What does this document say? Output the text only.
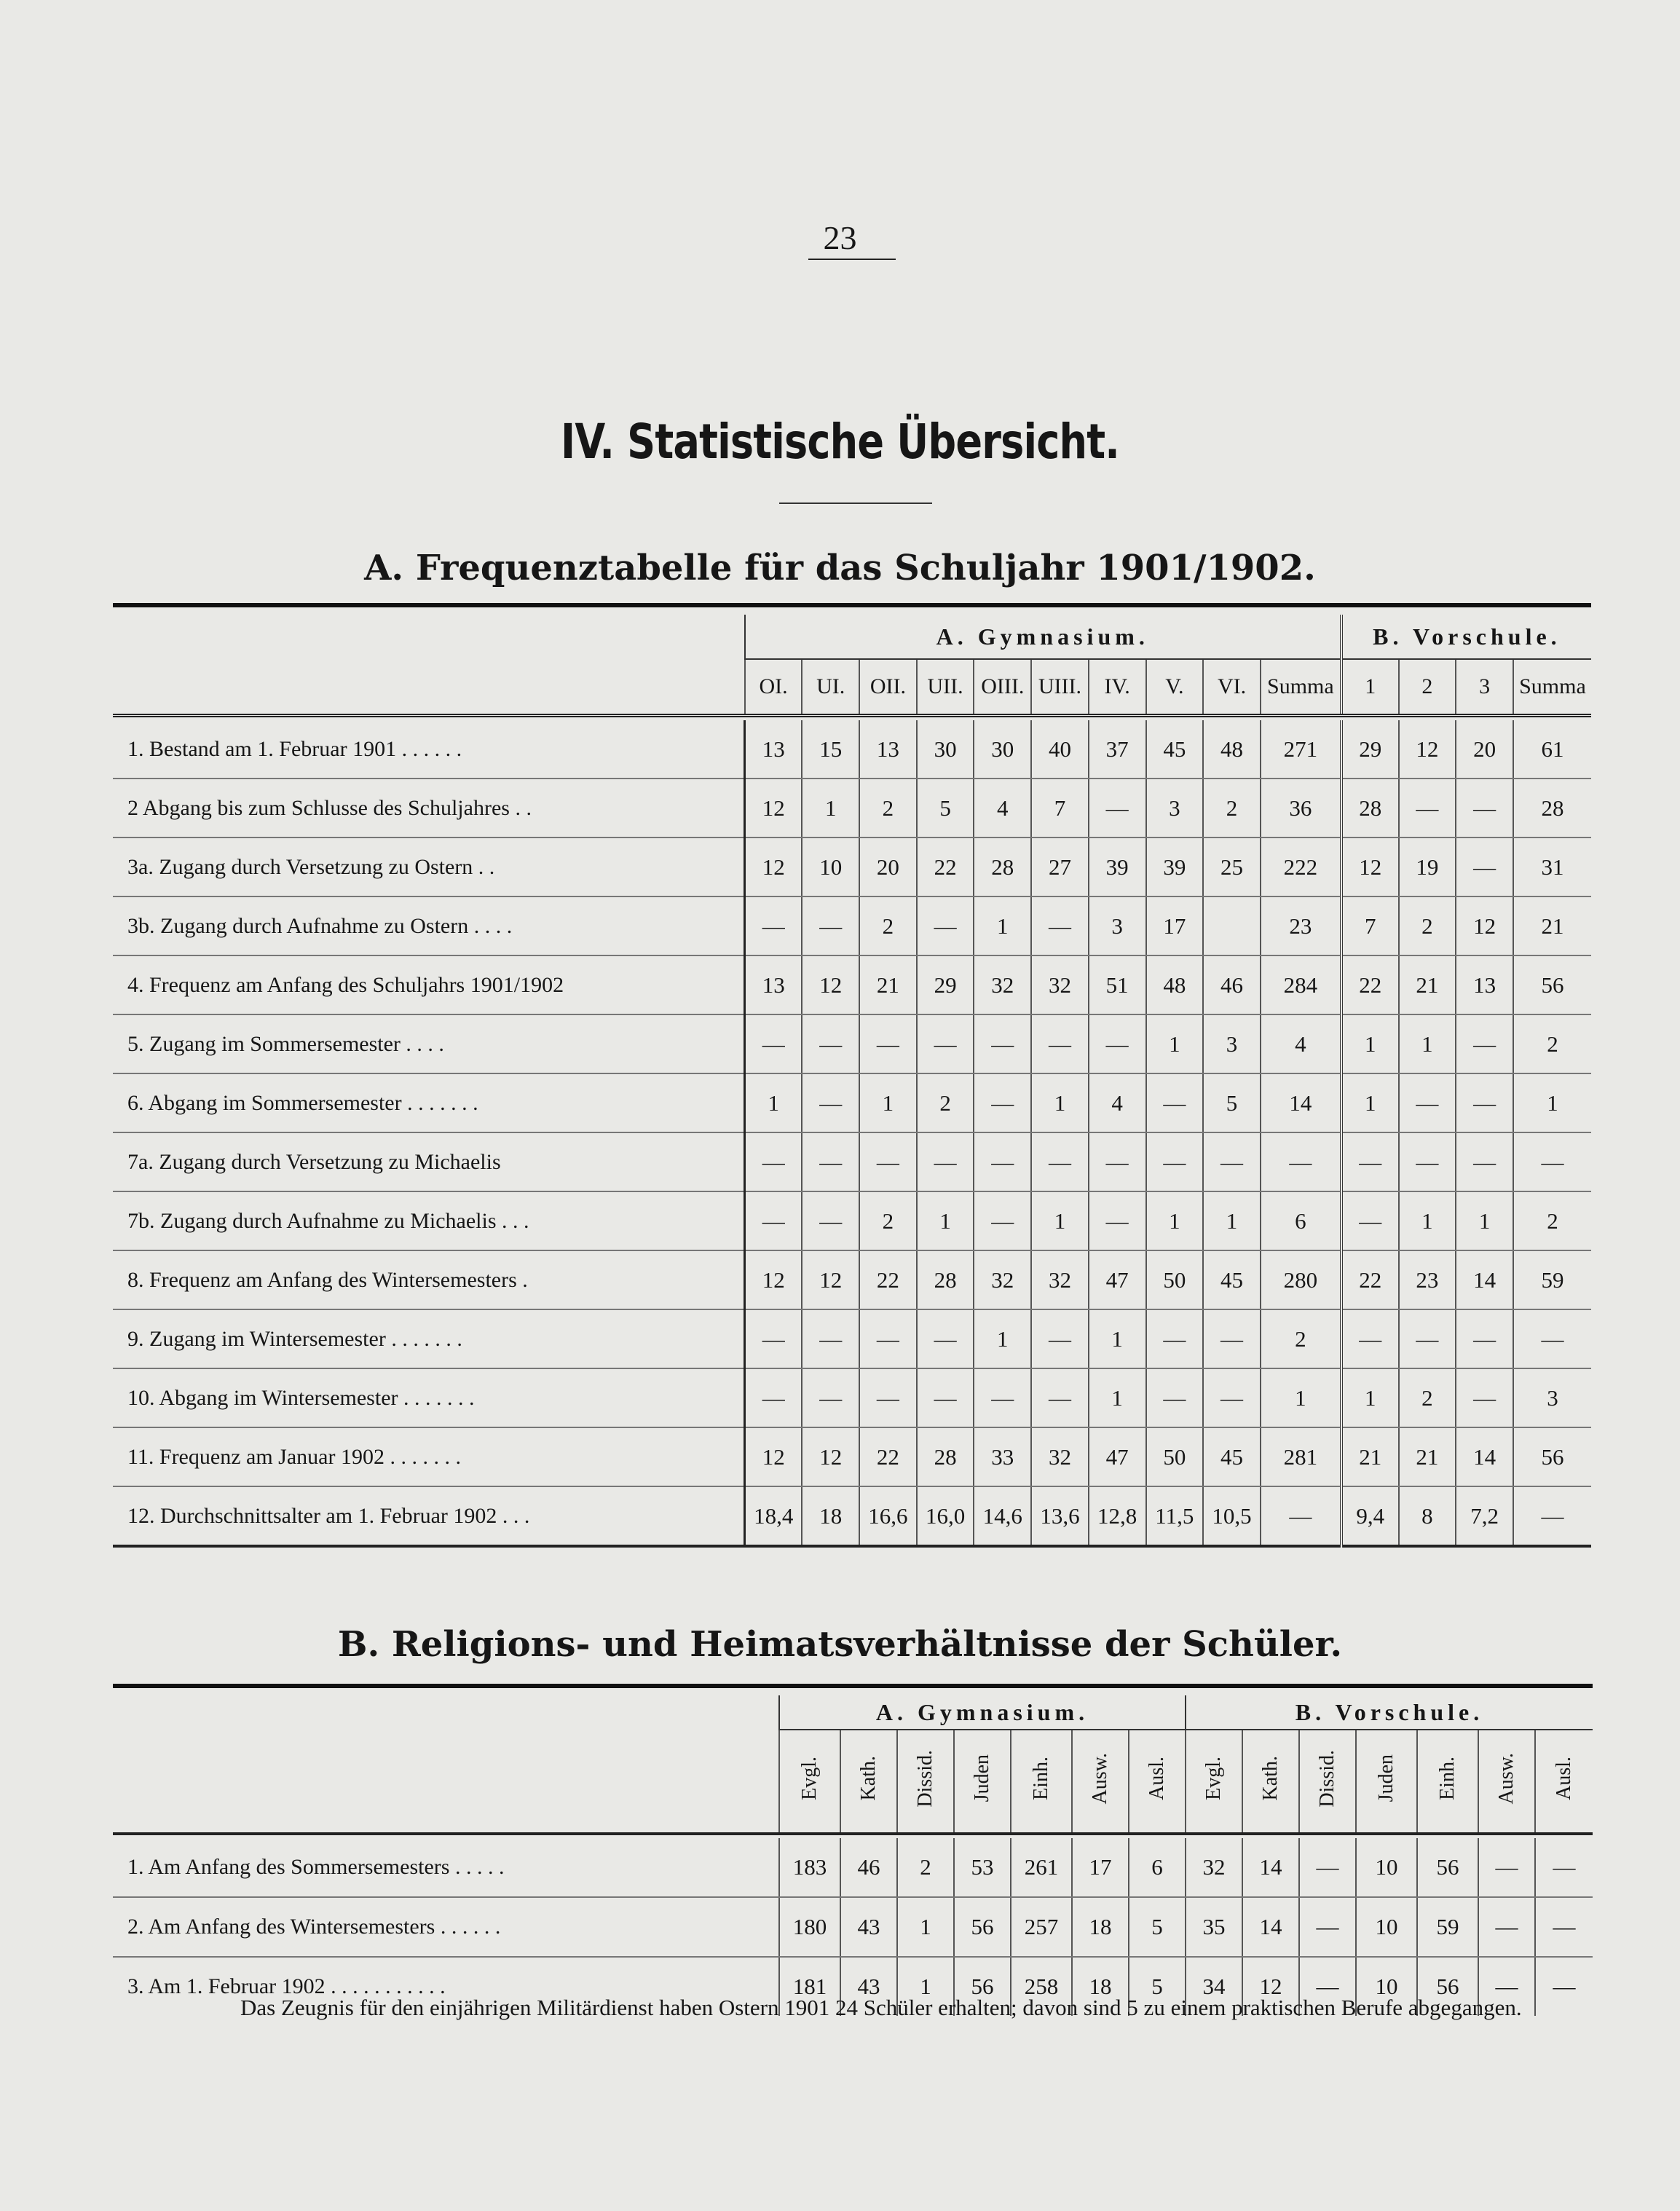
23
IV. Statistische Übersicht.
A. Frequenztabelle für das Schuljahr 1901/1902.

	A. Gymnasium.										B. Vorschule.			
	OI.	UI.	OII.	UII.	OIII.	UIII.	IV.	V.	VI.	Summa	1	2	3	Summa

1. Bestand am 1. Februar 1901 . . . . . .	13	15	13	30	30	40	37	45	48	271	29	12	20	61
2 Abgang bis zum Schlusse des Schuljahres . .	12	1	2	5	4	7	—	3	2	36	28	—	—	28
3a. Zugang durch Versetzung zu Ostern . .	12	10	20	22	28	27	39	39	25	222	12	19	—	31
3b. Zugang durch Aufnahme zu Ostern . . . .	—	—	2	—	1	—	3	17		23	7	2	12	21
4. Frequenz am Anfang des Schuljahrs 1901/1902	13	12	21	29	32	32	51	48	46	284	22	21	13	56
5. Zugang im Sommersemester . . . .	—	—	—	—	—	—	—	1	3	4	1	1	—	2
6. Abgang im Sommersemester . . . . . . .	1	—	1	2	—	1	4	—	5	14	1	—	—	1
7a. Zugang durch Versetzung zu Michaelis	—	—	—	—	—	—	—	—	—	—	—	—	—	—
7b. Zugang durch Aufnahme zu Michaelis . . .	—	—	2	1	—	1	—	1	1	6	—	1	1	2
8. Frequenz am Anfang des Wintersemesters .	12	12	22	28	32	32	47	50	45	280	22	23	14	59
9. Zugang im Wintersemester . . . . . . .	—	—	—	—	1	—	1	—	—	2	—	—	—	—
10. Abgang im Wintersemester . . . . . . .	—	—	—	—	—	—	1	—	—	1	1	2	—	3
11. Frequenz am Januar 1902 . . . . . . .	12	12	22	28	33	32	47	50	45	281	21	21	14	56
12. Durchschnittsalter am 1. Februar 1902 . . .	18,4	18	16,6	16,0	14,6	13,6	12,8	11,5	10,5	—	9,4	8	7,2	—
B. Religions- und Heimatsverhältnisse der Schüler.

	A. Gymnasium.							B. Vorschule.						
	Evgl.	Kath.	Dissid.	Juden	Einh.	Ausw.	Ausl.	Evgl.	Kath.	Dissid.	Juden	Einh.	Ausw.	Ausl.

1. Am Anfang des Sommersemesters . . . . .	183	46	2	53	261	17	6	32	14	—	10	56	—	—
2. Am Anfang des Wintersemesters . . . . . .	180	43	1	56	257	18	5	35	14	—	10	59	—	—
3. Am 1. Februar 1902 . . . . . . . . . . .	181	43	1	56	258	18	5	34	12	—	10	56	—	—
Das Zeugnis für den einjährigen Militärdienst haben Ostern 1901 24 Schüler erhalten; davon sind 5 zu einem praktischen Berufe abgegangen.
